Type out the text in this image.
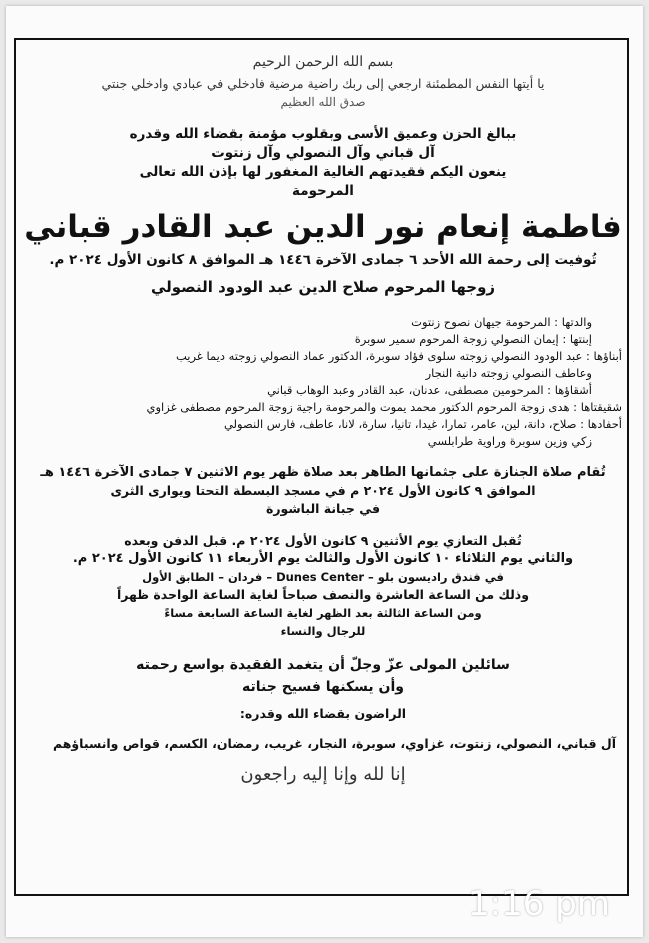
بسم الله الرحمن الرحيم

يا أيتها النفس المطمئنة ارجعي إلى ربك راضية مرضية فادخلي في عبادي وادخلي جنتي

صدق الله العظيم

ببالغ الحزن وعميق الأسى وبقلوب مؤمنة بقضاء الله وقدره

آل قباني وآل النصولي وآل زنتوت

ينعون اليكم فقيدتهم الغالية المغفور لها بإذن الله تعالى

المرحومة

فاطمة إنعام نور الدين عبد القادر قباني

تُوفيت إلى رحمة الله الأحد ٦ جمادى الآخرة ١٤٤٦ هـ الموافق ٨ كانون الأول ٢٠٢٤ م.

زوجها المرحوم صلاح الدين عبد الودود النصولي

والدتها : المرحومة جيهان نصوح زنتوت

إبنتها : إيمان النصولي زوجة المرحوم سمير سوبرة

أبناؤها : عبد الودود النصولي زوجته سلوى فؤاد سوبرة، الدكتور عماد النصولي زوجته ديما غريب

وعاطف النصولي زوجته دانية النجار

أشقاؤها : المرحومين مصطفى، عدنان، عبد القادر وعبد الوهاب قباني

شقيقتاها : هدى زوجة المرحوم الدكتور محمد يموت والمرحومة راجية زوجة المرحوم مصطفى غزاوي

أحفادها : صلاح، دانة، لين، عامر، تمارا، غيدا، تانيا، سارة، لانا، عاطف، فارس النصولي

زكي وزين سوبرة وراوية طرابلسي

تُقام صلاة الجنازة على جثمانها الطاهر بعد صلاة ظهر يوم الاثنين ٧ جمادى الآخرة ١٤٤٦ هـ

الموافق ٩ كانون الأول ٢٠٢٤ م في مسجد البسطة التحتا ويوارى الثرى

في جبانة الباشورة

تُقبل التعازي يوم الأثنين ٩ كانون الأول ٢٠٢٤ م. قبل الدفن وبعده

والثاني يوم الثلاثاء ١٠ كانون الأول والثالث يوم الأربعاء ١١ كانون الأول ٢٠٢٤ م.

في فندق راديسون بلو – Dunes Center – فردان – الطابق الأول

وذلك من الساعة العاشرة والنصف صباحاً لغاية الساعة الواحدة ظهراً

ومن الساعة الثالثة بعد الظهر لغاية الساعة السابعة مساءً

للرجال والنساء

سائلين المولى عزّ وجلّ أن يتغمد الفقيدة بواسع رحمته

وأن يسكنها فسيح جناته

الراضون بقضاء الله وقدره:

آل قباني، النصولي، زنتوت، غزاوي، سوبرة، النجار، غريب، رمضان، الكسم، قواص وانسباؤهم

إنا لله وإنا إليه راجعون

1:16 pm
